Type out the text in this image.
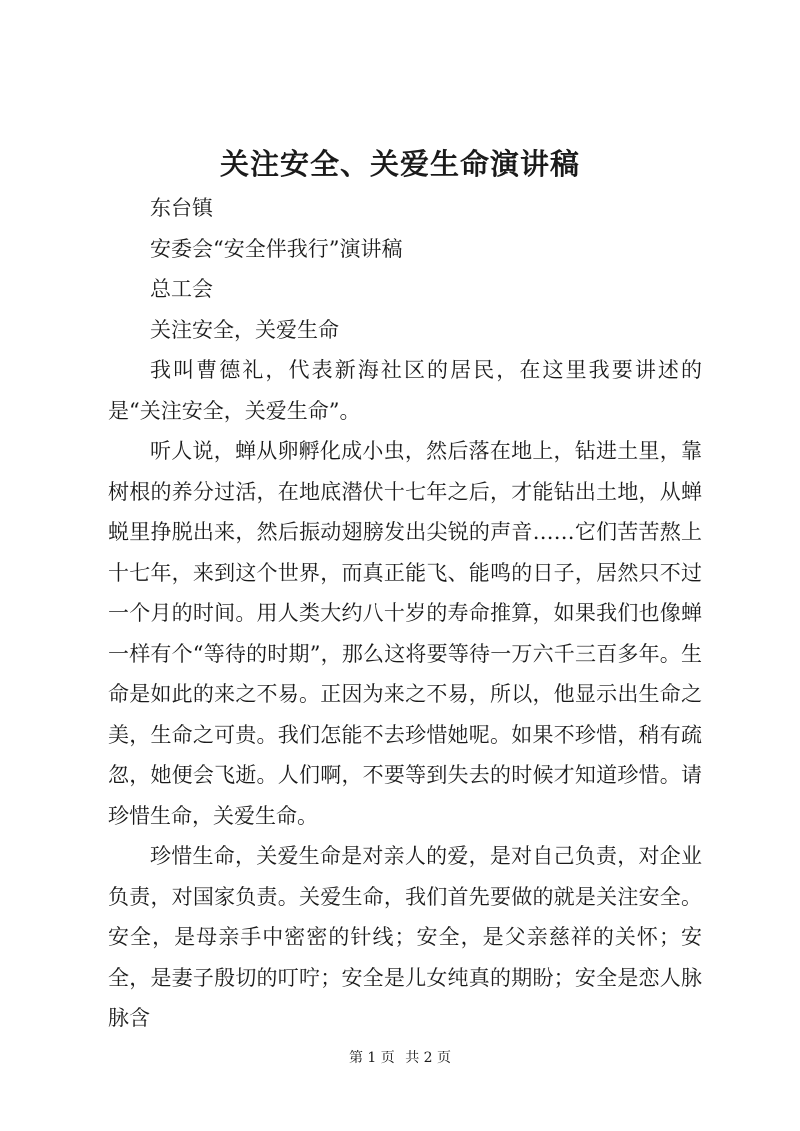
关注安全、关爱生命演讲稿

东台镇

安委会“安全伴我行”演讲稿

总工会

关注安全，关爱生命

我叫曹德礼，代表新海社区的居民，在这里我要讲述的是“关注安全，关爱生命”。

听人说，蝉从卵孵化成小虫，然后落在地上，钻进土里，靠树根的养分过活，在地底潜伏十七年之后，才能钻出土地，从蝉蜕里挣脱出来，然后振动翅膀发出尖锐的声音……它们苦苦熬上十七年，来到这个世界，而真正能飞、能鸣的日子，居然只不过一个月的时间。用人类大约八十岁的寿命推算，如果我们也像蝉一样有个“等待的时期”，那么这将要等待一万六千三百多年。生命是如此的来之不易。正因为来之不易，所以，他显示出生命之美，生命之可贵。我们怎能不去珍惜她呢。如果不珍惜，稍有疏忽，她便会飞逝。人们啊，不要等到失去的时候才知道珍惜。请珍惜生命，关爱生命。

珍惜生命，关爱生命是对亲人的爱，是对自己负责，对企业负责，对国家负责。关爱生命，我们首先要做的就是关注安全。安全，是母亲手中密密的针线；安全，是父亲慈祥的关怀；安全，是妻子殷切的叮咛；安全是儿女纯真的期盼；安全是恋人脉脉含

第 1 页 共 2 页
